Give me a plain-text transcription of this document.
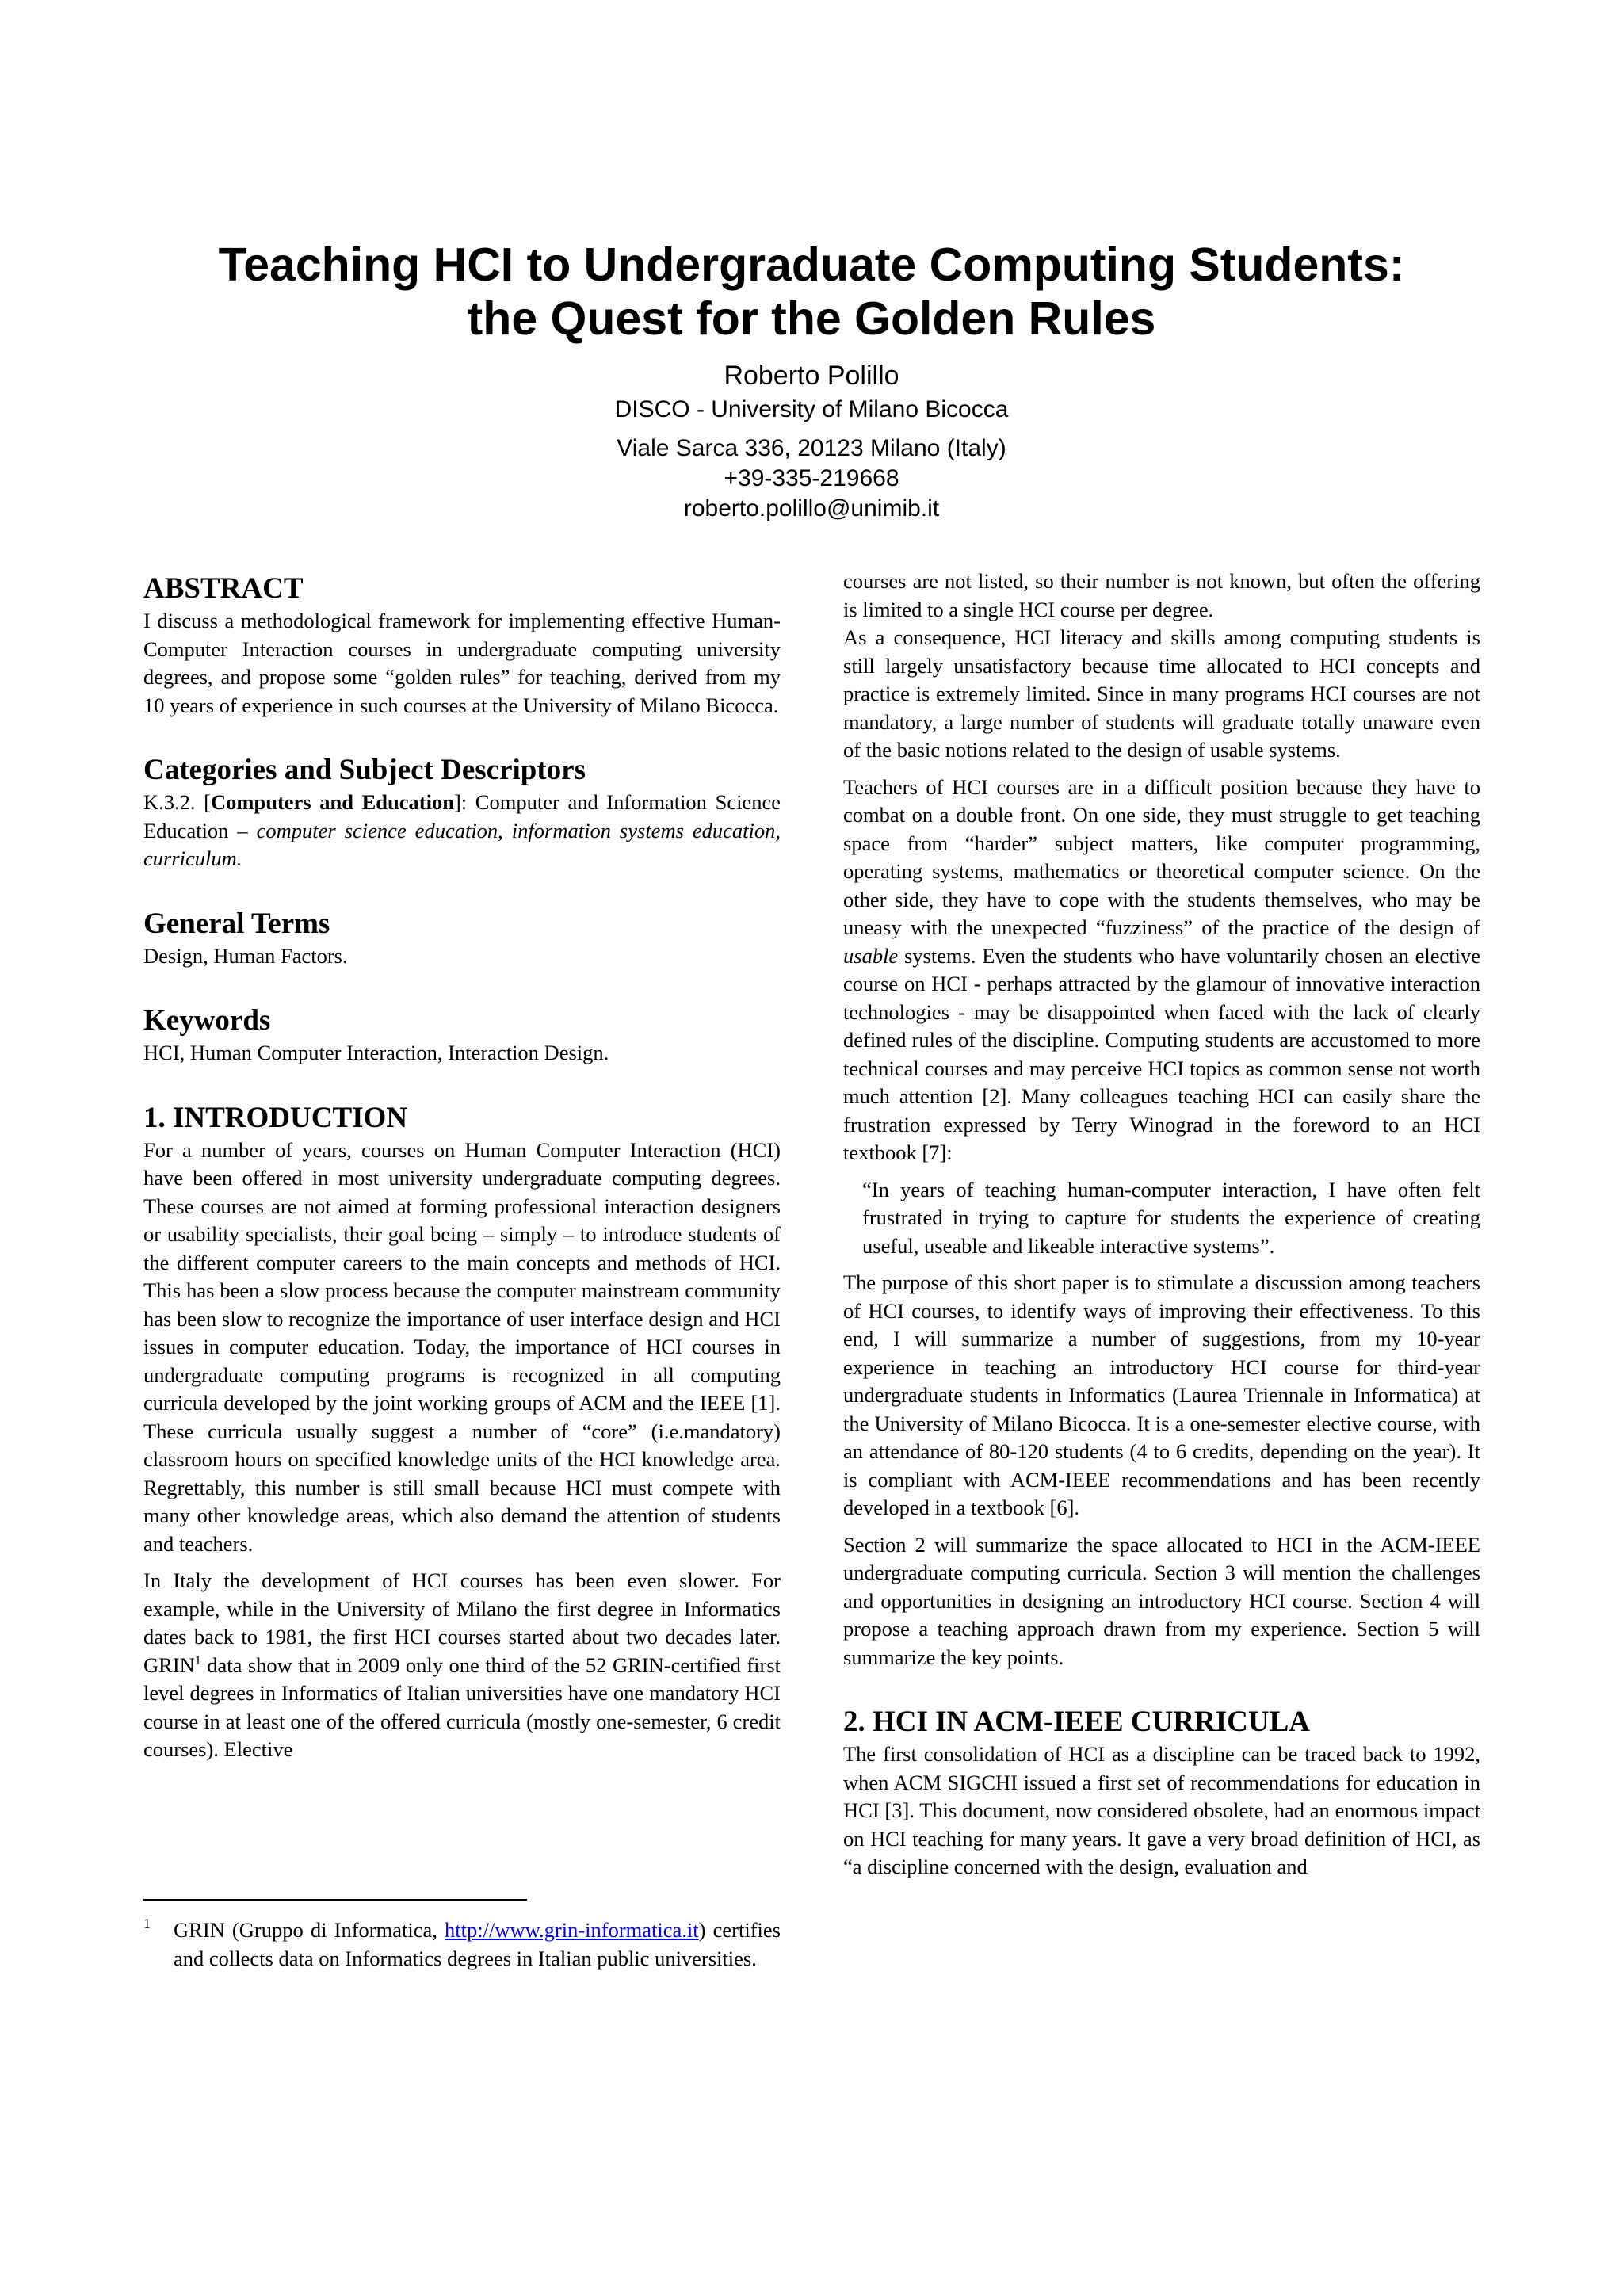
Teaching HCI to Undergraduate Computing Students:
the Quest for the Golden Rules
Roberto Polillo
DISCO - University of Milano Bicocca
Viale Sarca 336, 20123 Milano (Italy)
+39-335-219668
roberto.polillo@unimib.it
ABSTRACT

I discuss a methodological framework for implementing effective Human-Computer Interaction courses in undergraduate computing university degrees, and propose some “golden rules” for teaching, derived from my 10 years of experience in such courses at the University of Milano Bicocca.

Categories and Subject Descriptors

K.3.2. [Computers and Education]: Computer and Information Science Education – computer science education, information systems education, curriculum.

General Terms

Design, Human Factors.

Keywords

HCI, Human Computer Interaction, Interaction Design.

1. INTRODUCTION

For a number of years, courses on Human Computer Interaction (HCI) have been offered in most university undergraduate computing degrees. These courses are not aimed at forming professional interaction designers or usability specialists, their goal being – simply – to introduce students of the different computer careers to the main concepts and methods of HCI. This has been a slow process because the computer mainstream community has been slow to recognize the importance of user interface design and HCI issues in computer education. Today, the importance of HCI courses in undergraduate computing programs is recognized in all computing curricula developed by the joint working groups of ACM and the IEEE [1]. These curricula usually suggest a number of “core” (i.e.mandatory) classroom hours on specified knowledge units of the HCI knowledge area. Regrettably, this number is still small because HCI must compete with many other knowledge areas, which also demand the attention of students and teachers.

In Italy the development of HCI courses has been even slower. For example, while in the University of Milano the first degree in Informatics dates back to 1981, the first HCI courses started about two decades later. GRIN$^1$ data show that in 2009 only one third of the 52 GRIN-certified first level degrees in Informatics of Italian universities have one mandatory HCI course in at least one of the offered curricula (mostly one-semester, 6 credit courses). Elective

1 GRIN (Gruppo di Informatica, http://www.grin-informatica.it) certifies and collects data on Informatics degrees in Italian public universities.

courses are not listed, so their number is not known, but often the offering is limited to a single HCI course per degree.

As a consequence, HCI literacy and skills among computing students is still largely unsatisfactory because time allocated to HCI concepts and practice is extremely limited. Since in many programs HCI courses are not mandatory, a large number of students will graduate totally unaware even of the basic notions related to the design of usable systems.

Teachers of HCI courses are in a difficult position because they have to combat on a double front. On one side, they must struggle to get teaching space from “harder” subject matters, like computer programming, operating systems, mathematics or theoretical computer science. On the other side, they have to cope with the students themselves, who may be uneasy with the unexpected “fuzziness” of the practice of the design of usable systems. Even the students who have voluntarily chosen an elective course on HCI - perhaps attracted by the glamour of innovative interaction technologies - may be disappointed when faced with the lack of clearly defined rules of the discipline. Computing students are accustomed to more technical courses and may perceive HCI topics as common sense not worth much attention [2]. Many colleagues teaching HCI can easily share the frustration expressed by Terry Winograd in the foreword to an HCI textbook [7]:

“In years of teaching human-computer interaction, I have often felt frustrated in trying to capture for students the experience of creating useful, useable and likeable interactive systems”.

The purpose of this short paper is to stimulate a discussion among teachers of HCI courses, to identify ways of improving their effectiveness. To this end, I will summarize a number of suggestions, from my 10-year experience in teaching an introductory HCI course for third-year undergraduate students in Informatics (Laurea Triennale in Informatica) at the University of Milano Bicocca. It is a one-semester elective course, with an attendance of 80-120 students (4 to 6 credits, depending on the year). It is compliant with ACM-IEEE recommendations and has been recently developed in a textbook [6].

Section 2 will summarize the space allocated to HCI in the ACM-IEEE undergraduate computing curricula. Section 3 will mention the challenges and opportunities in designing an introductory HCI course. Section 4 will propose a teaching approach drawn from my experience. Section 5 will summarize the key points.

2. HCI IN ACM-IEEE CURRICULA

The first consolidation of HCI as a discipline can be traced back to 1992, when ACM SIGCHI issued a first set of recommendations for education in HCI [3]. This document, now considered obsolete, had an enormous impact on HCI teaching for many years. It gave a very broad definition of HCI, as “a discipline concerned with the design, evaluation and
